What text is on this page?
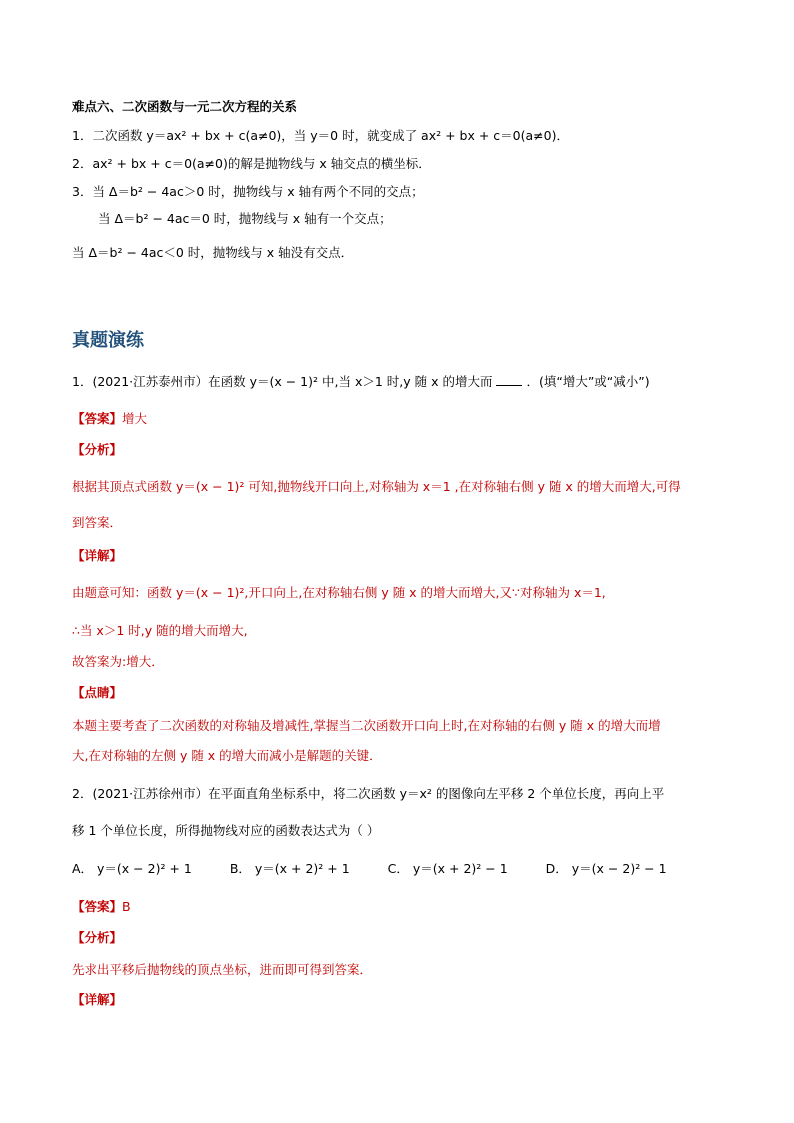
难点六、二次函数与一元二次方程的关系
1．二次函数 y＝ax² + bx + c(a≠0)，当 y＝0 时，就变成了 ax² + bx + c＝0(a≠0)．
2．ax² + bx + c＝0(a≠0)的解是抛物线与 x 轴交点的横坐标．
3．当 Δ＝b² − 4ac＞0 时，抛物线与 x 轴有两个不同的交点；
当 Δ＝b² − 4ac＝0 时，抛物线与 x 轴有一个交点；
当 Δ＝b² − 4ac＜0 时，抛物线与 x 轴没有交点．
真题演练
1．(2021·江苏泰州市）在函数 y＝(x − 1)² 中,当 x＞1 时,y 随 x 的增大而	．(填“增大”或“减小”)
【答案】增大
【分析】
根据其顶点式函数 y＝(x − 1)² 可知,抛物线开口向上,对称轴为 x＝1 ,在对称轴右侧 y 随 x 的增大而增大,可得
到答案．
【详解】
由题意可知：函数 y＝(x − 1)²,开口向上,在对称轴右侧 y 随 x 的增大而增大,又∵对称轴为 x＝1,
∴当 x＞1 时,y 随的增大而增大,
故答案为:增大．
【点睛】
本题主要考查了二次函数的对称轴及增减性,掌握当二次函数开口向上时,在对称轴的右侧 y 随 x 的增大而增
大,在对称轴的左侧 y 随 x 的增大而减小是解题的关键．
2．(2021·江苏徐州市）在平面直角坐标系中，将二次函数 y＝x² 的图像向左平移 2 个单位长度，再向上平
移 1 个单位长度，所得抛物线对应的函数表达式为（ ）
A． y＝(x − 2)² + 1	B． y＝(x + 2)² + 1	C． y＝(x + 2)² − 1	D． y＝(x − 2)² − 1
【答案】B
【分析】
先求出平移后抛物线的顶点坐标，进而即可得到答案．
【详解】
